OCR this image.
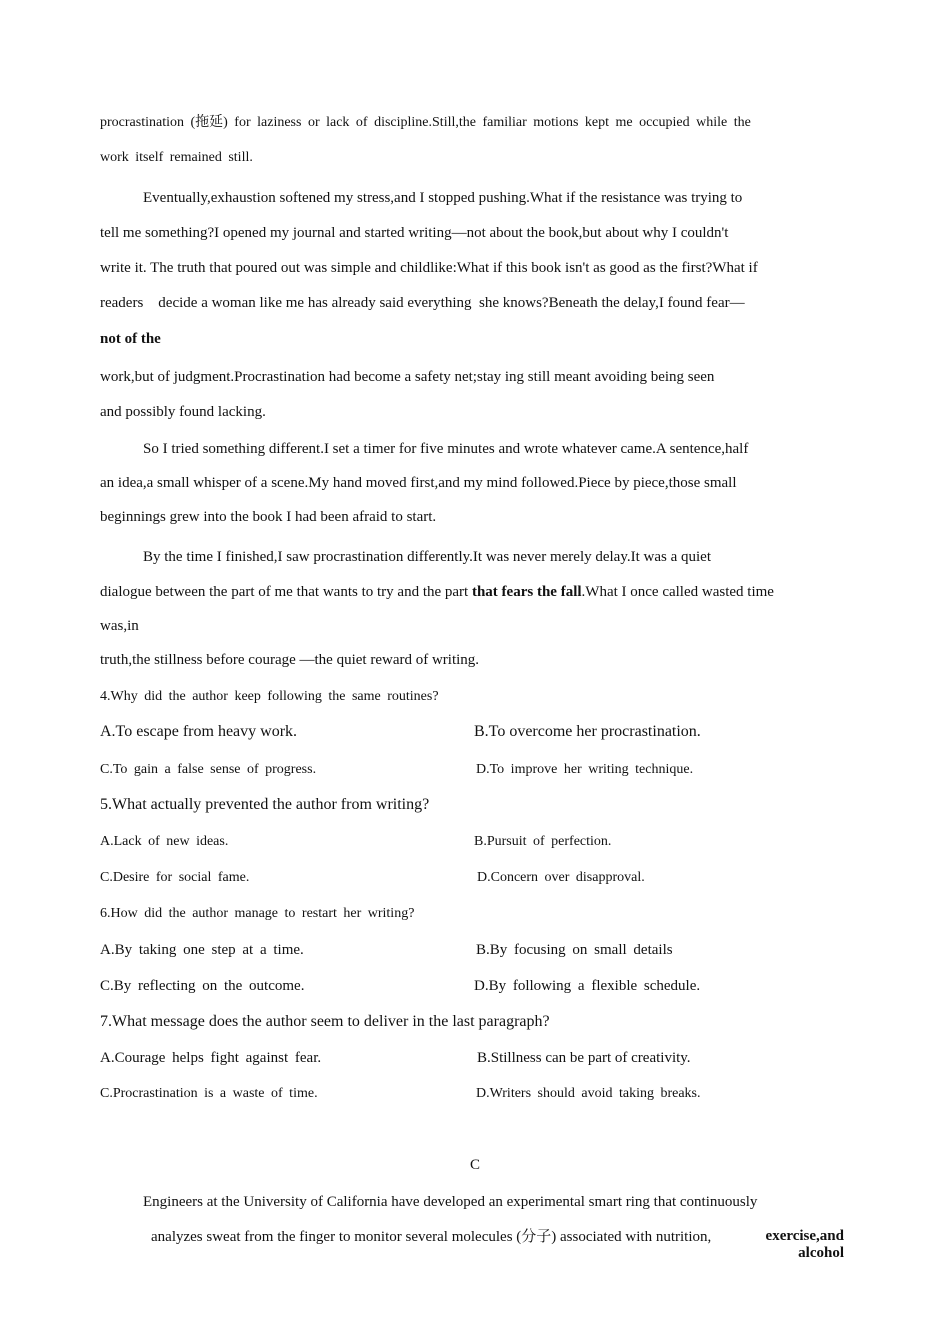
procrastination (拖延) for laziness or lack of discipline.Still,the familiar motions kept me occupied while the
work itself remained still.
Eventually,exhaustion softened my stress,and I stopped pushing.What if the resistance was trying to
tell me something?I opened my journal and started writing—not about the book,but about why I couldn't
write it. The truth that poured out was simple and childlike:What if this book isn't as good as the first?What if
readers    decide a woman like me has already said everything  she knows?Beneath the delay,I found fear—
not of the
work,but of judgment.Procrastination had become a safety net;stay ing still meant avoiding being seen
and possibly found lacking.
So I tried something different.I set a timer for five minutes and wrote whatever came.A sentence,half
an idea,a small whisper of a scene.My hand moved first,and my mind followed.Piece by piece,those small
beginnings grew into the book I had been afraid to start.
By the time I finished,I saw procrastination differently.It was never merely delay.It was a quiet
dialogue between the part of me that wants to try and the part that fears the fall.What I once called wasted time
was,in
truth,the stillness before courage —the quiet reward of writing.
4.Why did the author keep following the same routines?
A.To escape from heavy work.	B.To overcome her procrastination.
C.To gain a false sense of progress.	D.To improve her writing technique.
5.What actually prevented the author from writing?
A.Lack of new ideas.	B.Pursuit of perfection.
C.Desire for social fame.	D.Concern over disapproval.
6.How did the author manage to restart her writing?
A.By taking one step at a time.	B.By focusing on small details
C.By reflecting on the outcome.	D.By following a flexible schedule.
7.What message does the author seem to deliver in the last paragraph?
A.Courage helps fight against fear.	B.Stillness can be part of creativity.
C.Procrastination is a waste of time.	D.Writers should avoid taking breaks.
C
Engineers at the University of California have developed an experimental smart ring that continuously
analyzes sweat from the finger to monitor several molecules (分子) associated with nutrition,	exercise,and
alcohol
